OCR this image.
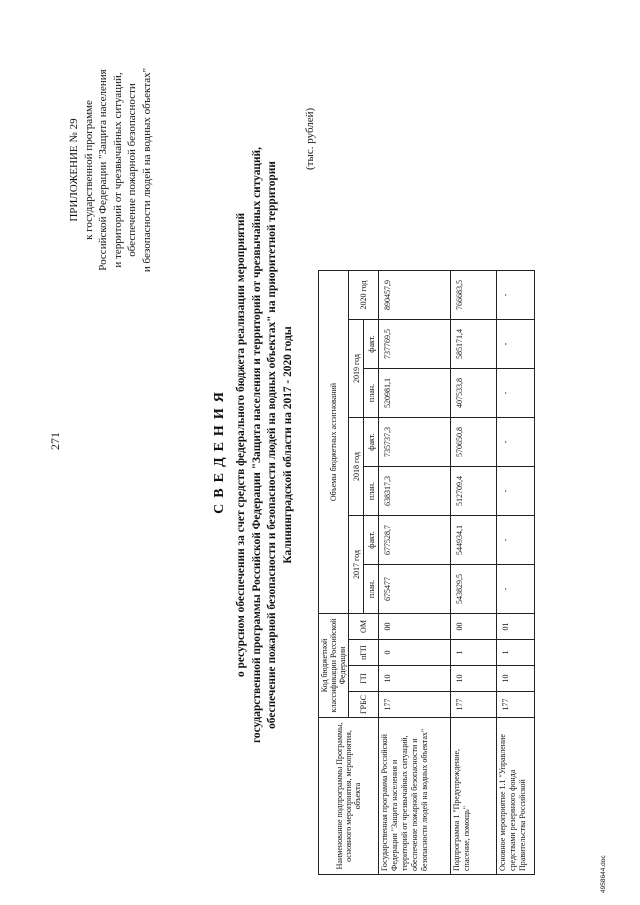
271
ПРИЛОЖЕНИЕ № 29 к государственной программе Российской Федерации "Защита населения и территорий от чрезвычайных ситуаций, обеспечение пожарной безопасности и безопасности людей на водных объектах"
СВЕДЕНИЯ о ресурсном обеспечении за счет средств федерального бюджета реализации мероприятий государственной программы Российской Федерации "Защита населения и территорий от чрезвычайных ситуаций, обеспечение пожарной безопасности и безопасности людей на водных объектах" на приоритетной территории Калининградской области на 2017 - 2020 годы
(тыс. рублей)
Наименование подпрограммы Программы, основного мероприятия, мероприятия, объекта	Код бюджетной классификации Российской Федерации				Объемы бюджетных ассигнований						
	ГРБС	ГП	пГП	ОМ	2017 год		2018 год		2019 год		2020 год
					план.	факт.	план.	факт.	план.	факт.	
Государственная программа Российской Федерации "Защита населения и территорий от чрезвычайных ситуаций, обеспечение пожарной безопасности и безопасности людей на водных объектах"	177	10	0	00	675477	677528,7	638317,3	735737,3	520981,1	737769,5	890457,9
Подпрограмма 1 "Предупреждение, спасение, помощь"	177	10	1	00	543829,5	544934,1	512709,4	570650,8	407533,8	585171,4	766683,5
Основное мероприятие 1.1 "Управление средствами резервного фонда Правительства Российской	177	10	1	01	-	-	-	-	-	-	-
4958644.doc
